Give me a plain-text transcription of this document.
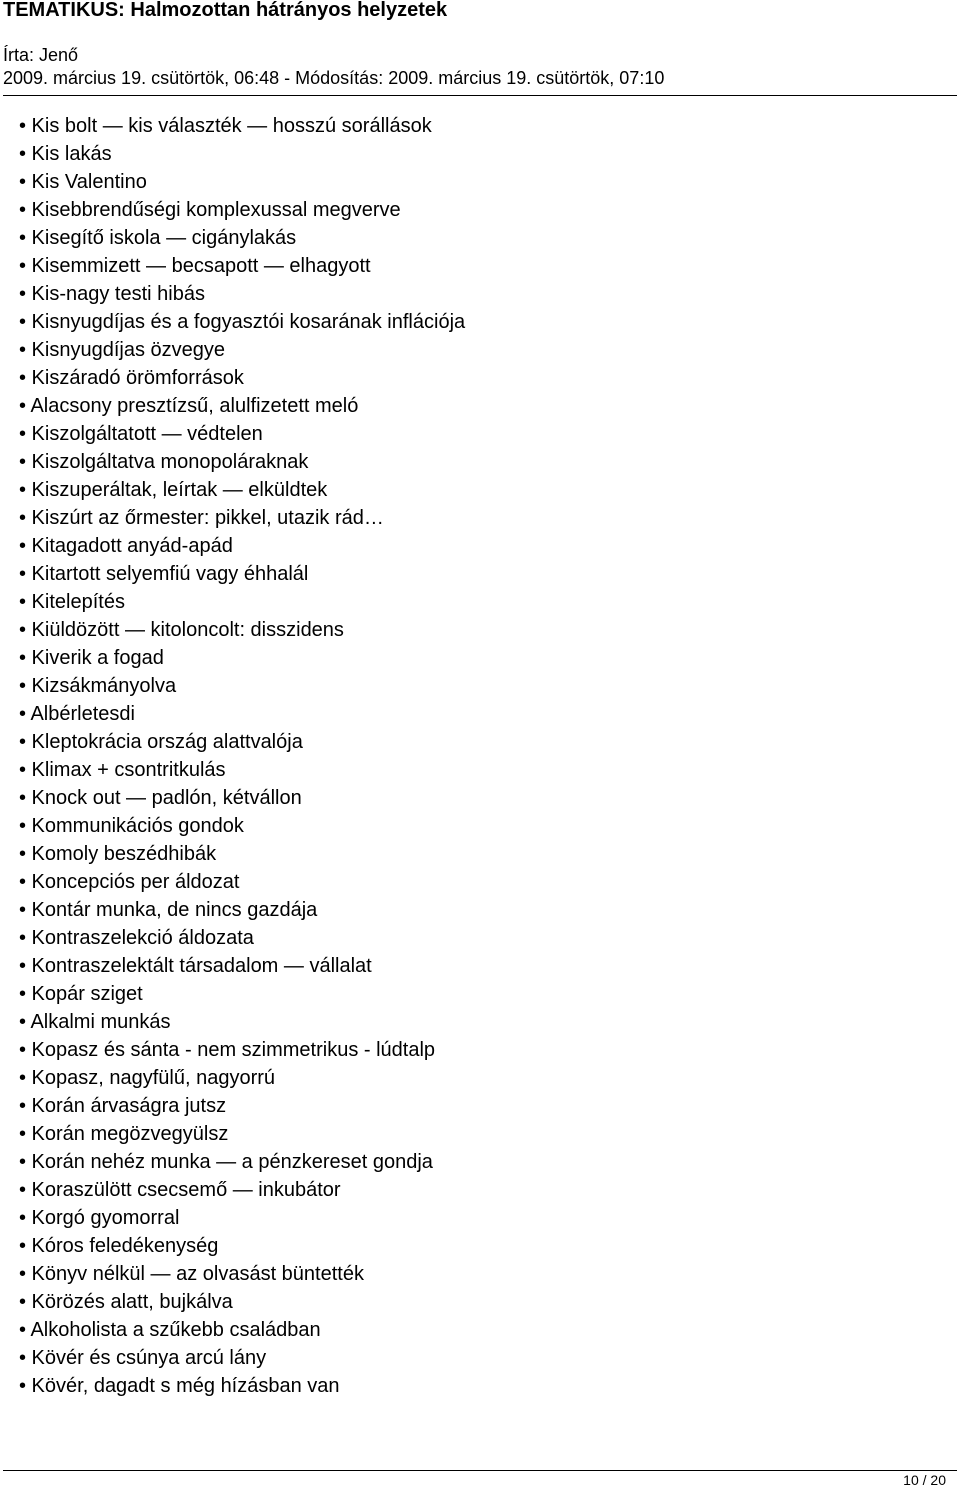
TEMATIKUS: Halmozottan hátrányos helyzetek
Írta: Jenő
2009. március 19. csütörtök, 06:48 - Módosítás: 2009. március 19. csütörtök, 07:10
• Kis bolt — kis választék — hosszú sorállások
• Kis lakás
• Kis Valentino
• Kisebbrendűségi komplexussal megverve
• Kisegítő iskola — cigánylakás
• Kisemmizett — becsapott — elhagyott
• Kis-nagy testi hibás
• Kisnyugdíjas és a fogyasztói kosarának inflációja
• Kisnyugdíjas özvegye
• Kiszáradó örömforrások
• Alacsony presztízsű, alulfizetett meló
• Kiszolgáltatott — védtelen
• Kiszolgáltatva monopoláraknak
• Kiszuperáltak, leírtak — elküldtek
• Kiszúrt az őrmester: pikkel, utazik rád…
• Kitagadott anyád-apád
• Kitartott selyemfiú vagy éhhalál
• Kitelepítés
• Kiüldözött — kitoloncolt: disszidens
• Kiverik a fogad
• Kizsákmányolva
• Albérletesdi
• Kleptokrácia ország alattvalója
• Klimax + csontritkulás
• Knock out — padlón, kétvállon
• Kommunikációs gondok
• Komoly beszédhibák
• Koncepciós per áldozat
• Kontár munka, de nincs gazdája
• Kontraszelekció áldozata
• Kontraszelektált társadalom — vállalat
• Kopár sziget
• Alkalmi munkás
• Kopasz és sánta - nem szimmetrikus - lúdtalp
• Kopasz, nagyfülű, nagyorrú
• Korán árvaságra jutsz
• Korán megözvegyülsz
• Korán nehéz munka — a pénzkereset gondja
• Koraszülött csecsemő — inkubátor
• Korgó gyomorral
• Kóros feledékenység
• Könyv nélkül — az olvasást büntették
• Körözés alatt, bujkálva
• Alkoholista a szűkebb családban
• Kövér és csúnya arcú lány
• Kövér, dagadt s még hízásban van
10 / 20
